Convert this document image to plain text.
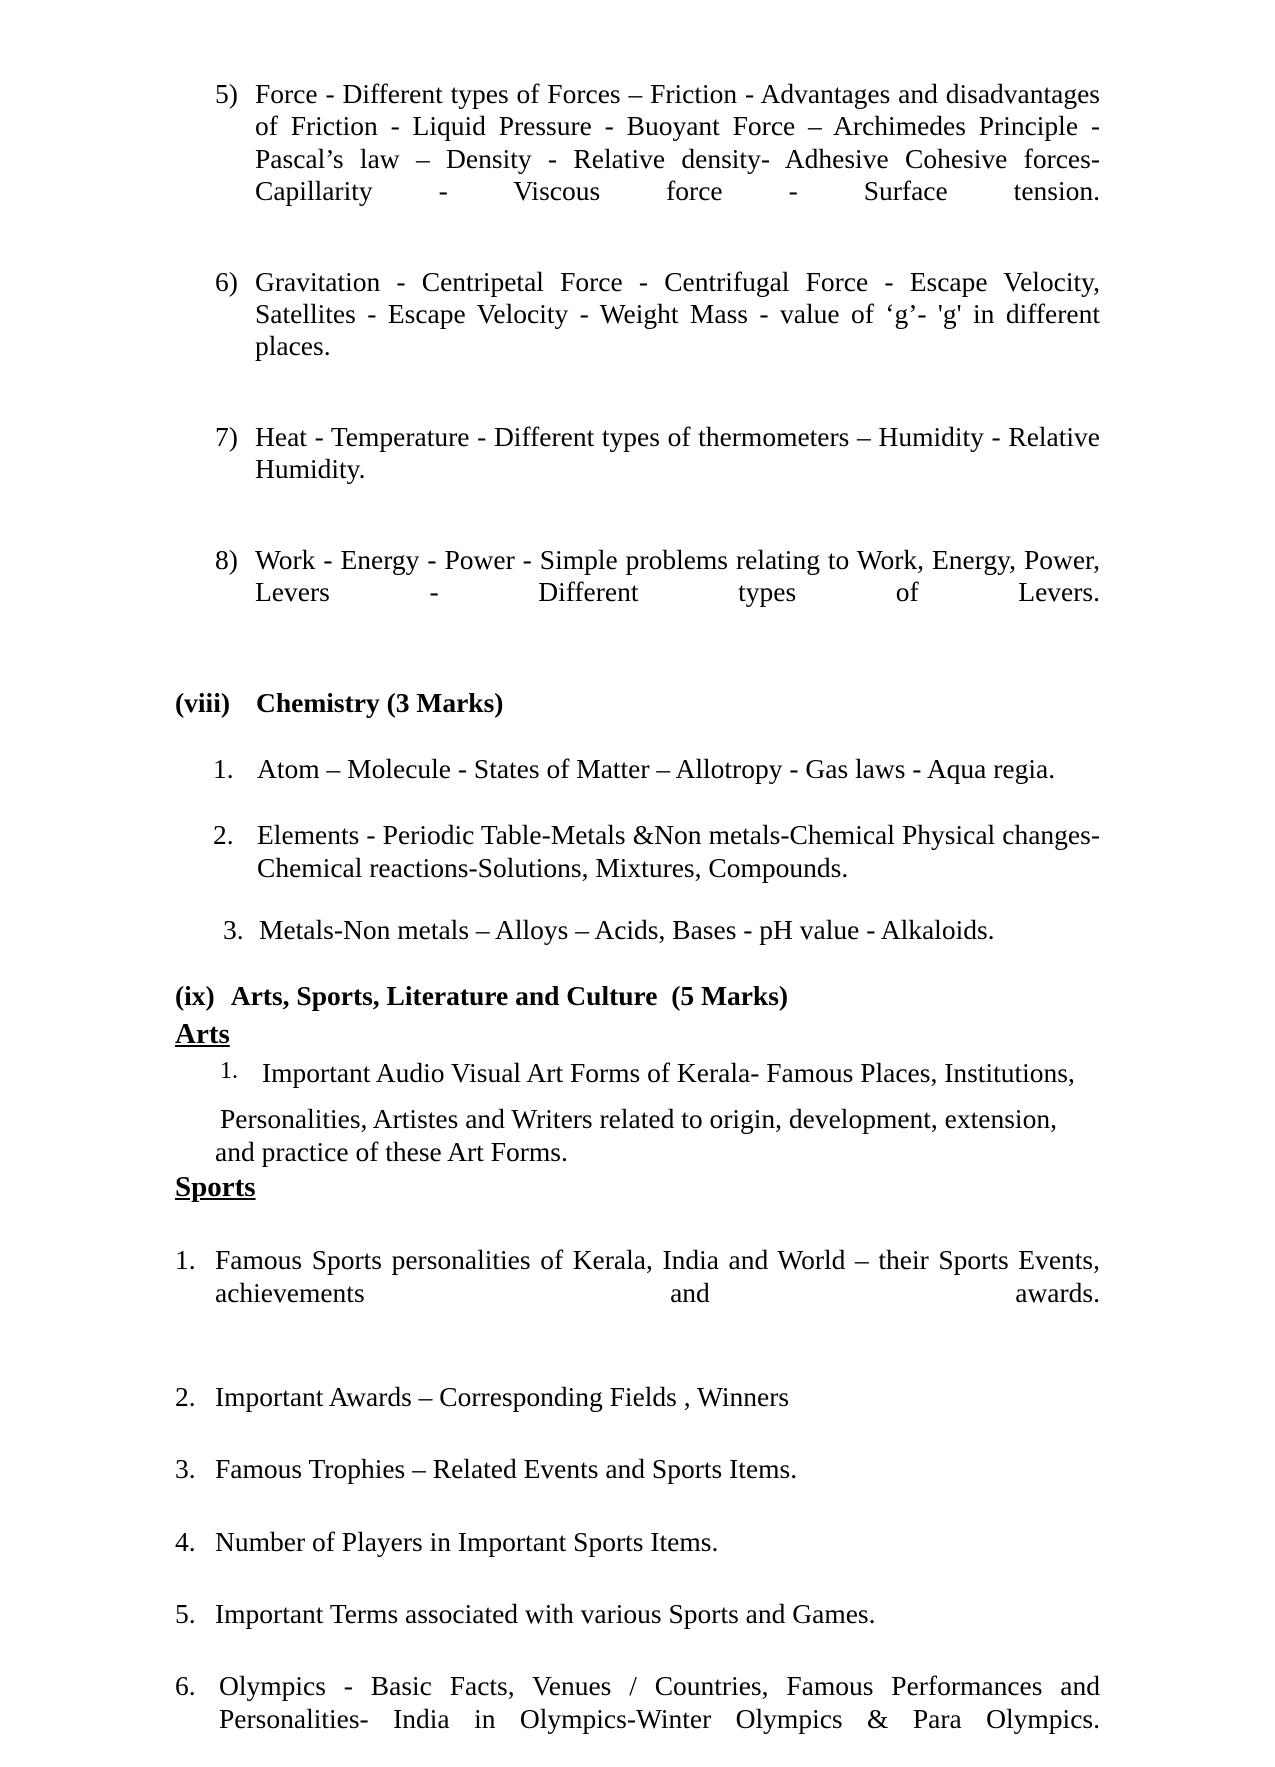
5) Force - Different types of Forces – Friction - Advantages and disadvantages of Friction - Liquid Pressure - Buoyant Force – Archimedes Principle - Pascal’s law – Density - Relative density- Adhesive Cohesive forces- Capillarity - Viscous force - Surface tension.
6) Gravitation - Centripetal Force - Centrifugal Force - Escape Velocity, Satellites - Escape Velocity - Weight Mass - value of ‘g’- 'g' in different places.
7) Heat - Temperature - Different types of thermometers – Humidity - Relative Humidity.
8) Work - Energy - Power - Simple problems relating to Work, Energy, Power, Levers - Different types of Levers.
(viii) Chemistry (3 Marks)
1. Atom – Molecule - States of Matter – Allotropy - Gas laws - Aqua regia.
2. Elements - Periodic Table-Metals &Non metals-Chemical Physical changes- Chemical reactions-Solutions, Mixtures, Compounds.
3. Metals-Non metals – Alloys – Acids, Bases - pH value - Alkaloids.
(ix) Arts, Sports, Literature and Culture  (5 Marks)
Arts
1. Important Audio Visual Art Forms of Kerala- Famous Places, Institutions,
Personalities, Artistes and Writers related to origin, development, extension,
and practice of these Art Forms.
Sports
1. Famous Sports personalities of Kerala, India and World – their Sports Events, achievements and awards.
2. Important Awards – Corresponding Fields , Winners
3. Famous Trophies – Related Events and Sports Items.
4. Number of Players in Important Sports Items.
5. Important Terms associated with various Sports and Games.
6. Olympics - Basic Facts, Venues / Countries, Famous Performances and Personalities- India in Olympics-Winter Olympics & Para Olympics.
